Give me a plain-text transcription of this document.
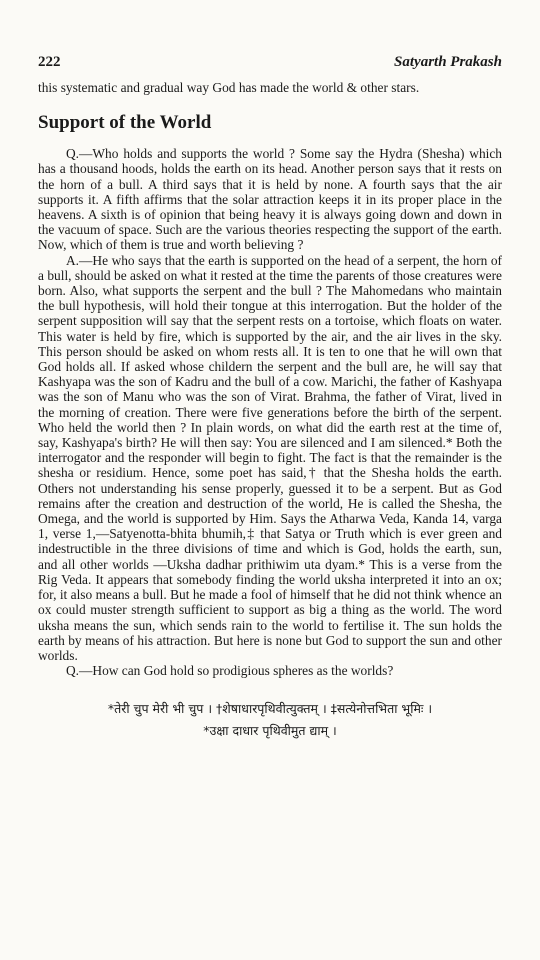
222	Satyarth Prakash

this systematic and gradual way God has made the world & other stars.

Support of the World

Q.—Who holds and supports the world ? Some say the Hydra (Shesha) which has a thousand hoods, holds the earth on its head. Another person says that it rests on the horn of a bull. A third says that it is held by none. A fourth says that the air supports it. A fifth affirms that the solar attraction keeps it in its proper place in the heavens. A sixth is of opinion that being heavy it is always going down and down in the vacuum of space. Such are the various theories respecting the support of the earth. Now, which of them is true and worth believing ?

A.—He who says that the earth is supported on the head of a serpent, the horn of a bull, should be asked on what it rested at the time the parents of those creatures were born. Also, what supports the serpent and the bull ? The Mahomedans who maintain the bull hypothesis, will hold their tongue at this interrogation. But the holder of the serpent supposition will say that the serpent rests on a tortoise, which floats on water. This water is held by fire, which is supported by the air, and the air lives in the sky. This person should be asked on whom rests all. It is ten to one that he will own that God holds all. If asked whose childern the serpent and the bull are, he will say that Kashyapa was the son of Kadru and the bull of a cow. Marichi, the father of Kashyapa was the son of Manu who was the son of Virat. Brahma, the father of Virat, lived in the morning of creation. There were five generations before the birth of the serpent. Who held the world then ? In plain words, on what did the earth rest at the time of, say, Kashyapa's birth? He will then say: You are silenced and I am silenced.* Both the interrogator and the responder will begin to fight. The fact is that the remainder is the shesha or residium. Hence, some poet has said,† that the Shesha holds the earth. Others not understanding his sense properly, guessed it to be a serpent. But as God remains after the creation and destruction of the world, He is called the Shesha, the Omega, and the world is supported by Him. Says the Atharwa Veda, Kanda 14, varga 1, verse 1,—Satyenotta-bhita bhumih,‡ that Satya or Truth which is ever green and indestructible in the three divisions of time and which is God, holds the earth, sun, and all other worlds —Uksha dadhar prithiwim uta dyam.* This is a verse from the Rig Veda. It appears that somebody finding the world uksha interpreted it into an ox; for, it also means a bull. But he made a fool of himself that he did not think whence an ox could muster strength sufficient to support as big a thing as the world. The word uksha means the sun, which sends rain to the world to fertilise it. The sun holds the earth by means of his attraction. But here is none but God to support the sun and other worlds.

Q.—How can God hold so prodigious spheres as the worlds?

*तेरी चुप मेरी भी चुप । †शेषाधारपृथिवीत्युक्तम् । ‡सत्येनोत्तभिता भूमिः ।
*उक्षा दाधार पृथिवीमुत द्याम् ।
